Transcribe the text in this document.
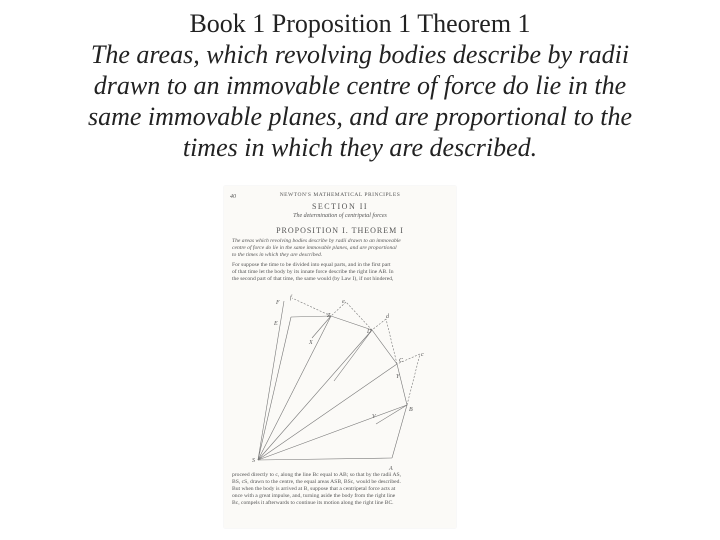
Book 1 Proposition 1 Theorem 1
The areas, which revolving bodies describe by radii
drawn to an immovable centre of force do lie in the
same immovable planes, and are proportional to the
times in which they are described.
40	NEWTON'S MATHEMATICAL PRINCIPLES
SECTION II
The determination of centripetal forces
PROPOSITION I. THEOREM I
The areas which revolving bodies describe by radii drawn to an immovable
centre of force do lie in the same immovable planes, and are proportional
to the times in which they are described.
For suppose the time to be divided into equal parts, and in the first part
of that time let the body by its innate force describe the right line AB. In
the second part of that time, the same would (by Law I), if not hindered,
A
B
C
D
E
F
S
c
d
e
f
Z
V
X
Y
proceed directly to c, along the line Bc equal to AB; so that by the radii AS,
BS, cS, drawn to the centre, the equal areas ASB, BSc, would be described.
But when the body is arrived at B, suppose that a centripetal force acts at
once with a great impulse, and, turning aside the body from the right line
Bc, compels it afterwards to continue its motion along the right line BC.
